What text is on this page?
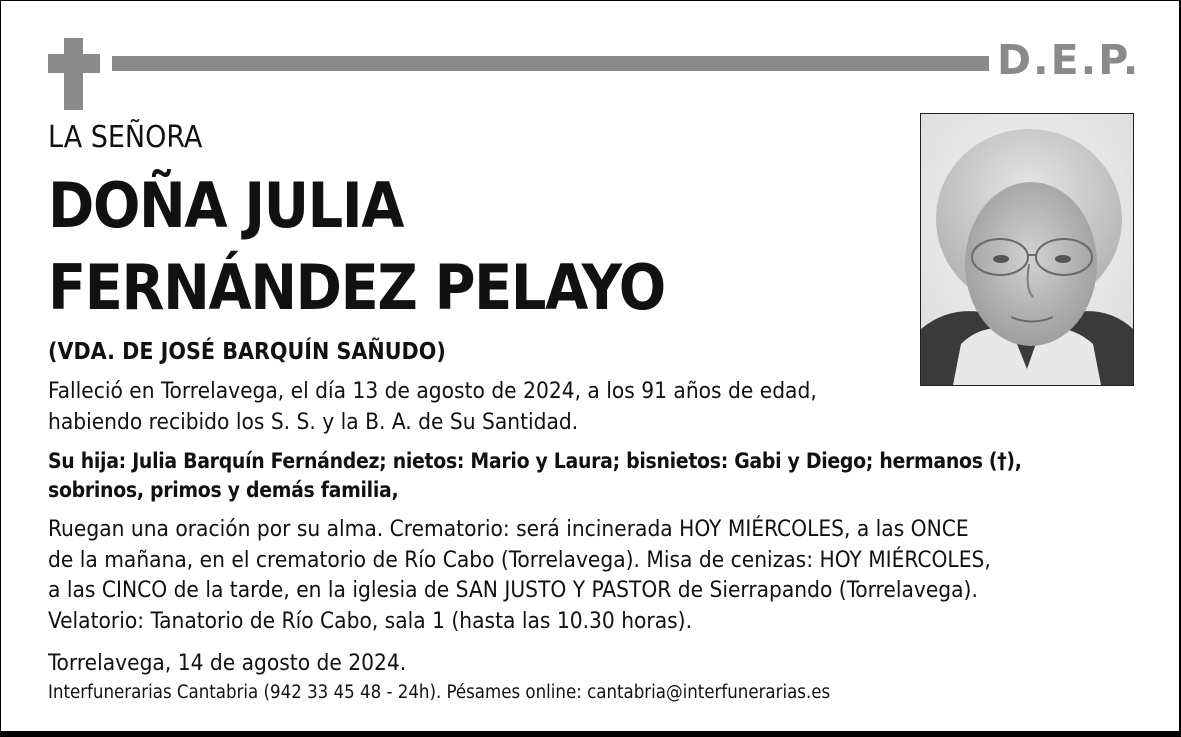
D.E.P.
LA SEÑORA
DOÑA JULIA
FERNÁNDEZ PELAYO
(VDA. DE JOSÉ BARQUÍN SAÑUDO)
Falleció en Torrelavega, el día 13 de agosto de 2024, a los 91 años de edad,
habiendo recibido los S. S. y la B. A. de Su Santidad.
Su hija: Julia Barquín Fernández; nietos: Mario y Laura; bisnietos: Gabi y Diego; hermanos (†),
sobrinos, primos y demás familia,
Ruegan una oración por su alma. Crematorio: será incinerada HOY MIÉRCOLES, a las ONCE
de la mañana, en el crematorio de Río Cabo (Torrelavega). Misa de cenizas: HOY MIÉRCOLES,
a las CINCO de la tarde, en la iglesia de SAN JUSTO Y PASTOR de Sierrapando (Torrelavega).
Velatorio: Tanatorio de Río Cabo, sala 1 (hasta las 10.30 horas).
Torrelavega, 14 de agosto de 2024.
Interfunerarias Cantabria (942 33 45 48 - 24h). Pésames online: cantabria@interfunerarias.es
